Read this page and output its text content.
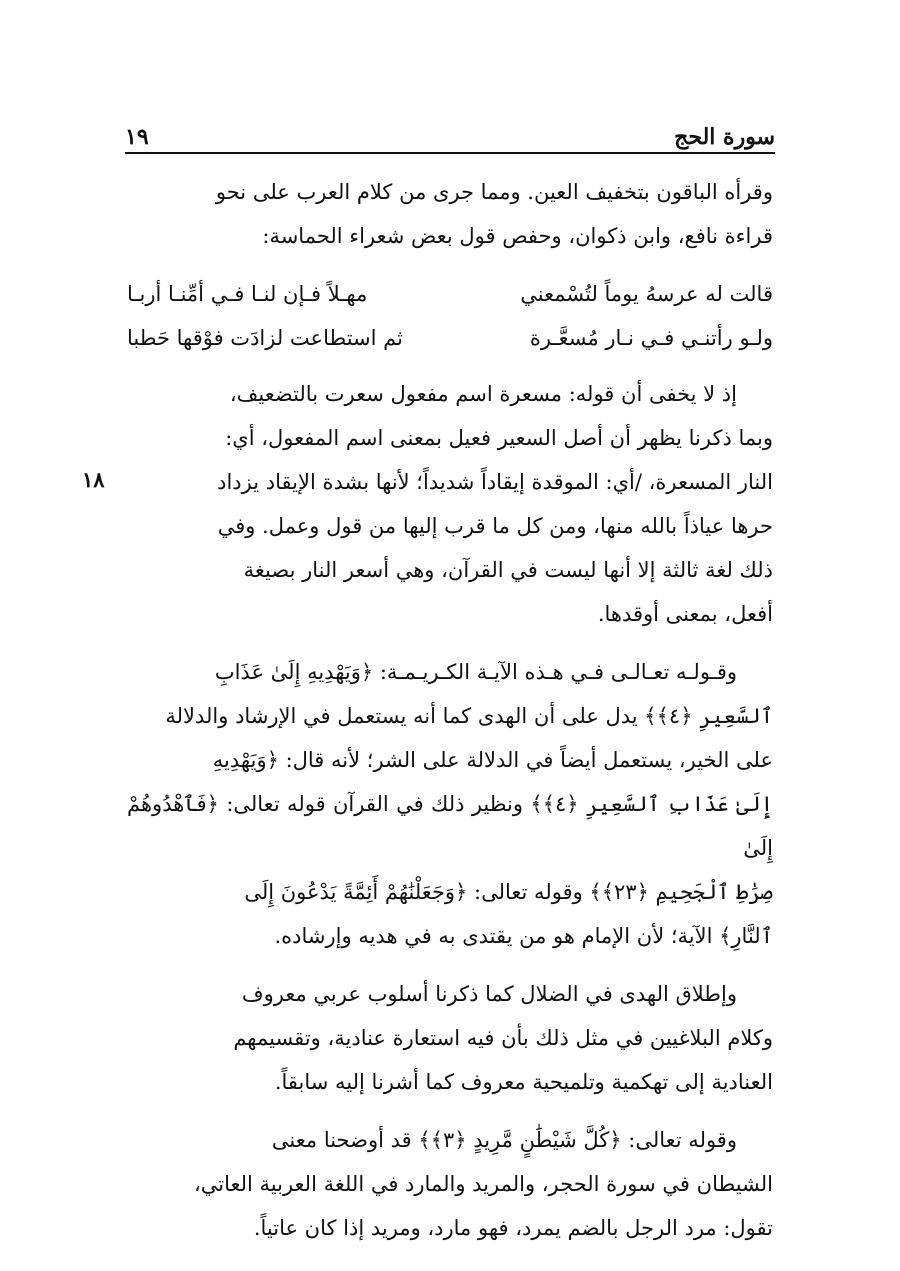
سورة الحج
١٩
١٨

وقرأه الباقون بتخفيف العين. ومما جرى من كلام العرب على نحو

قراءة نافع، وابن ذكوان، وحفص قول بعض شعراء الحماسة:

قالت له عرسهُ يوماً لتُسْمعني
مهـلاً فـإن لنـا فـي أمِّنـا أربـا

ولـو رأتنـي فـي نـار مُسعَّـرة
ثم استطاعت لزادَت فوْقها حَطبا

إذ لا يخفى أن قوله: مسعرة اسم مفعول سعرت بالتضعيف،

وبما ذكرنا يظهر أن أصل السعير فعيل بمعنى اسم المفعول، أي:

النار المسعرة، /أي: الموقدة إيقاداً شديداً؛ لأنها بشدة الإيقاد يزداد

حرها عياذاً بالله منها، ومن كل ما قرب إليها من قول وعمل. وفي

ذلك لغة ثالثة إلا أنها ليست في القرآن، وهي أسعر النار بصيغة

أفعل، بمعنى أوقدها.

وقـولـه تعـالـى فـي هـذه الآيـة الكـريـمـة: ﴿وَيَهْدِيهِ إِلَىٰ عَذَابِ

ٱلسَّعِيرِ ﴿٤﴾﴾ يدل على أن الهدى كما أنه يستعمل في الإرشاد والدلالة

على الخير، يستعمل أيضاً في الدلالة على الشر؛ لأنه قال: ﴿وَيَهْدِيهِ

إِلَىٰ عَذَابِ ٱلسَّعِيرِ ﴿٤﴾﴾ ونظير ذلك في القرآن قوله تعالى: ﴿فَٱهْدُوهُمْ إِلَىٰ

صِرَٰطِ ٱلْجَحِيمِ ﴿٢٣﴾﴾ وقوله تعالى: ﴿وَجَعَلْنَٰهُمْ أَئِمَّةً يَدْعُونَ إِلَى

ٱلنَّارِ﴾ الآية؛ لأن الإمام هو من يقتدى به في هديه وإرشاده.

وإطلاق الهدى في الضلال كما ذكرنا أسلوب عربي معروف

وكلام البلاغيين في مثل ذلك بأن فيه استعارة عنادية، وتقسيمهم

العنادية إلى تهكمية وتلميحية معروف كما أشرنا إليه سابقاً.

وقوله تعالى: ﴿كُلَّ شَيْطَٰنٍ مَّرِيدٍ ﴿٣﴾﴾ قد أوضحنا معنى

الشيطان في سورة الحجر، والمريد والمارد في اللغة العربية العاتي،

تقول: مرد الرجل بالضم يمرد، فهو مارد، ومريد إذا كان عاتياً.
